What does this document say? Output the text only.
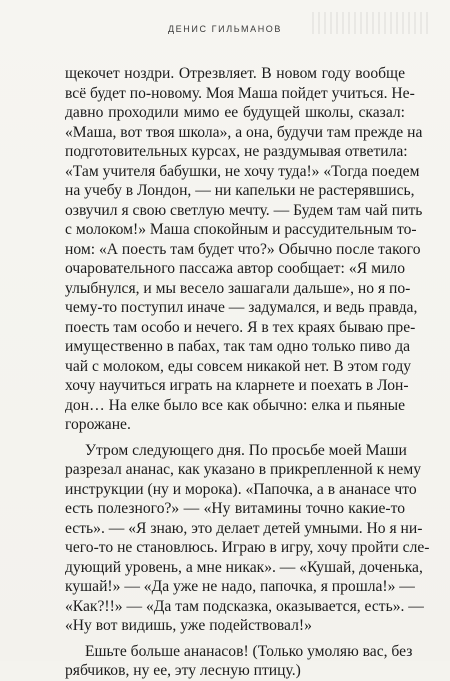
ДЕНИС ГИЛЬМАНОВ
щекочет ноздри. Отрезвляет. В новом году вообще
всё будет по-новому. Моя Маша пойдет учиться. Не-
давно проходили мимо ее будущей школы, сказал:
«Маша, вот твоя школа», а она, будучи там прежде на
подготовительных курсах, не раздумывая ответила:
«Там учителя бабушки, не хочу туда!» «Тогда поедем
на учебу в Лондон, — ни капельки не растерявшись,
озвучил я свою светлую мечту. — Будем там чай пить
с молоком!» Маша спокойным и рассудительным то-
ном: «А поесть там будет что?» Обычно после такого
очаровательного пассажа автор сообщает: «Я мило
улыбнулся, и мы весело зашагали дальше», но я по-
чему-то поступил иначе — задумался, и ведь правда,
поесть там особо и нечего. Я в тех краях бываю пре-
имущественно в пабах, так там одно только пиво да
чай с молоком, еды совсем никакой нет. В этом году
хочу научиться играть на кларнете и поехать в Лон-
дон… На елке было все как обычно: елка и пьяные
горожане.
Утром следующего дня. По просьбе моей Маши
разрезал ананас, как указано в прикрепленной к нему
инструкции (ну и морока). «Папочка, а в ананасе что
есть полезного?» — «Ну витамины точно какие-то
есть». — «Я знаю, это делает детей умными. Но я ни-
чего-то не становлюсь. Играю в игру, хочу пройти сле-
дующий уровень, а мне никак». — «Кушай, доченька,
кушай!» — «Да уже не надо, папочка, я прошла!» —
«Как?!!» — «Да там подсказка, оказывается, есть». —
«Ну вот видишь, уже подействовал!»
Ешьте больше ананасов! (Только умоляю вас, без
рябчиков, ну ее, эту лесную птицу.)
